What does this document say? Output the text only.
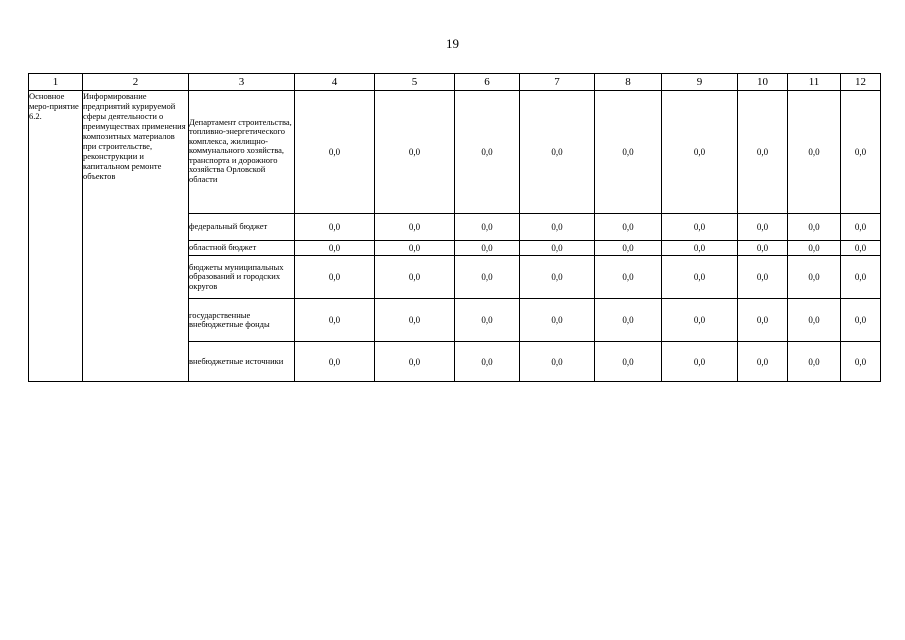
19
1	2	3	4	5	6	7	8	9	10	11	12
Основное меро-приятие 6.2.	Информирование предприятий курируемой сферы деятельности о преимуществах применения композитных материалов при строительстве, реконструкции и капитальном ремонте объектов	Департамент строительства, топливно-энергетического комплекса, жилищно-коммунального хозяйства, транспорта и дорожного хозяйства Орловской области	0,0	0,0	0,0	0,0	0,0	0,0	0,0	0,0	0,0
		федеральный бюджет	0,0	0,0	0,0	0,0	0,0	0,0	0,0	0,0	0,0
		областной бюджет	0,0	0,0	0,0	0,0	0,0	0,0	0,0	0,0	0,0
		бюджеты муниципальных образований и городских округов	0,0	0,0	0,0	0,0	0,0	0,0	0,0	0,0	0,0
		государственные внебюджетные фонды	0,0	0,0	0,0	0,0	0,0	0,0	0,0	0,0	0,0
		внебюджетные источники	0,0	0,0	0,0	0,0	0,0	0,0	0,0	0,0	0,0
